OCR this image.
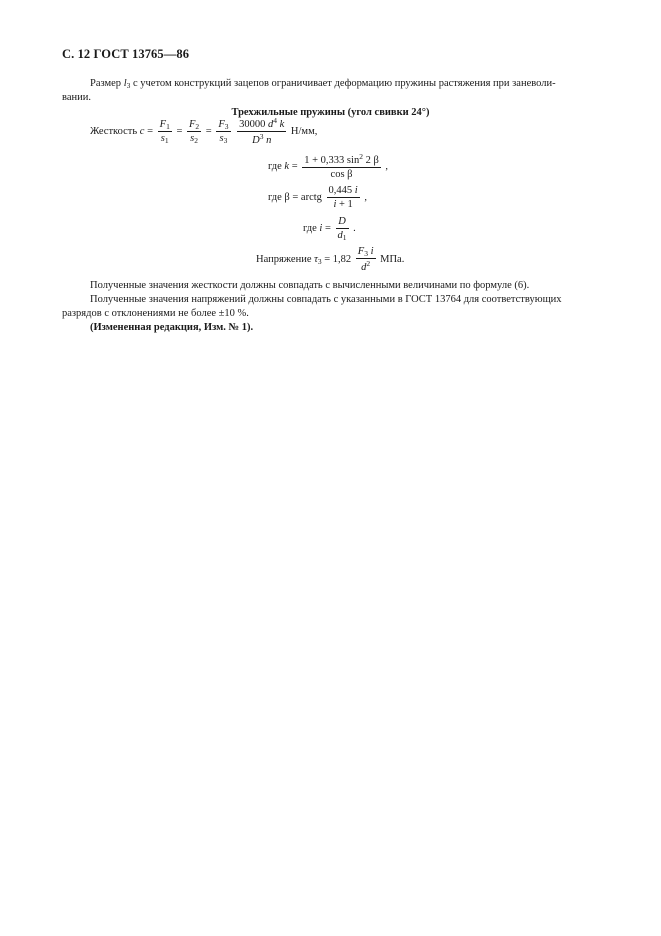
С. 12 ГОСТ 13765—86
Размер $l_3$ с учетом конструкций зацепов ограничивает деформацию пружины растяжения при заневоли-
вании.
Трехжильные пружины (угол свивки 24°)
Жесткость $c = \frac{F_1}{s_1} = \frac{F_2}{s_2} = \frac{F_3}{s_3}$
$\frac{30000 d^4 k}{D^3 n} Н/мм$,
где $k = \frac{1 + 0,333 \sin^2 2 \beta}{\text{cos β}}$ ,
где β = arctg $\frac{0,445 i}{i + 1}$ ,
где $i = \frac{D}{d_1}$ .
Напряжение $\tau_3 = 1,82 \frac{F_3 i}{d^2}$ МПа.
Полученные значения жесткости должны совпадать с вычисленными величинами по формуле (6).
Полученные значения напряжений должны совпадать с указанными в ГОСТ 13764 для соответствующих
разрядов с отклонениями не более ±10 %.
(Измененная редакция, Изм. № 1).
